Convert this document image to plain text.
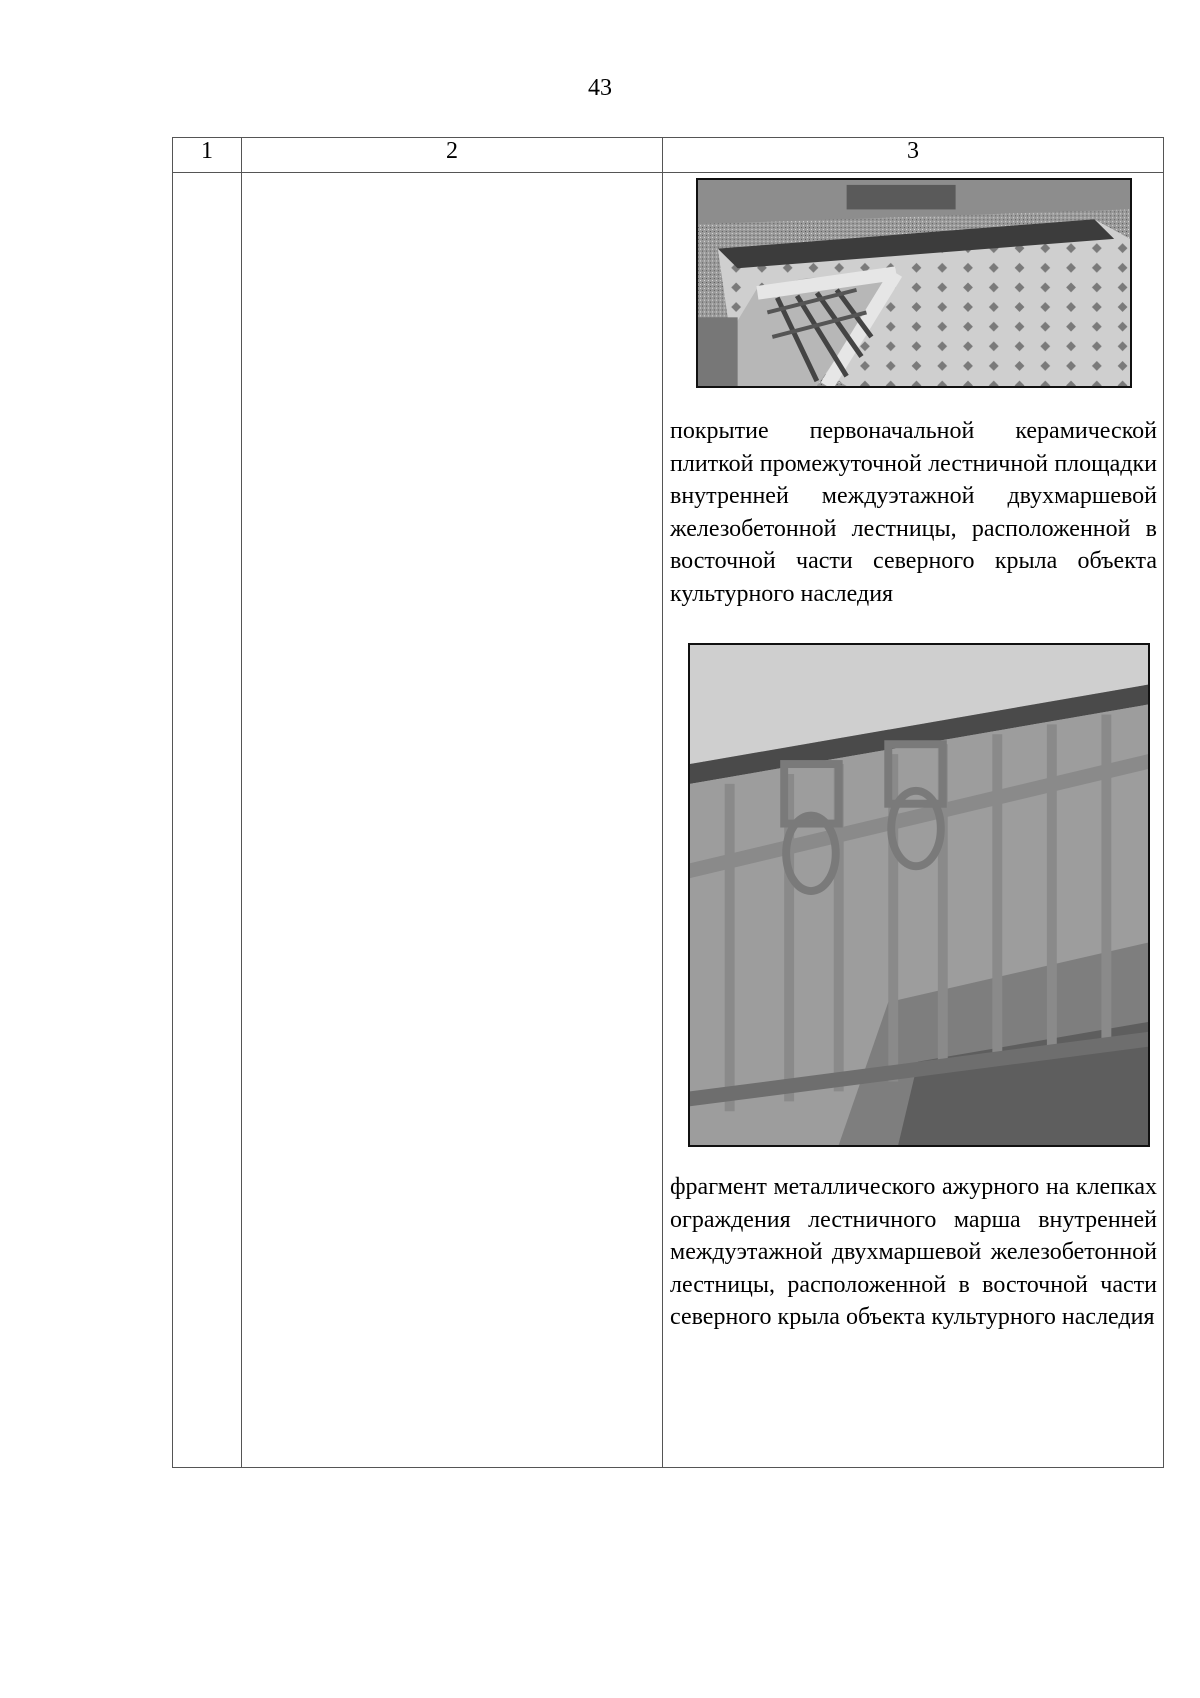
43
1	2	3

		покрытие первоначальной керамической плиткой промежуточной лестничной площадки внутренней междуэтажной двухмаршевой железобетонной лестницы, расположенной в восточной части северного крыла объекта культурного наследия

фрагмент металлического ажурного на клепках ограждения лестничного марша внутренней междуэтажной двухмаршевой железобетонной лестницы, расположенной в восточной части северного крыла объекта культурного наследия
